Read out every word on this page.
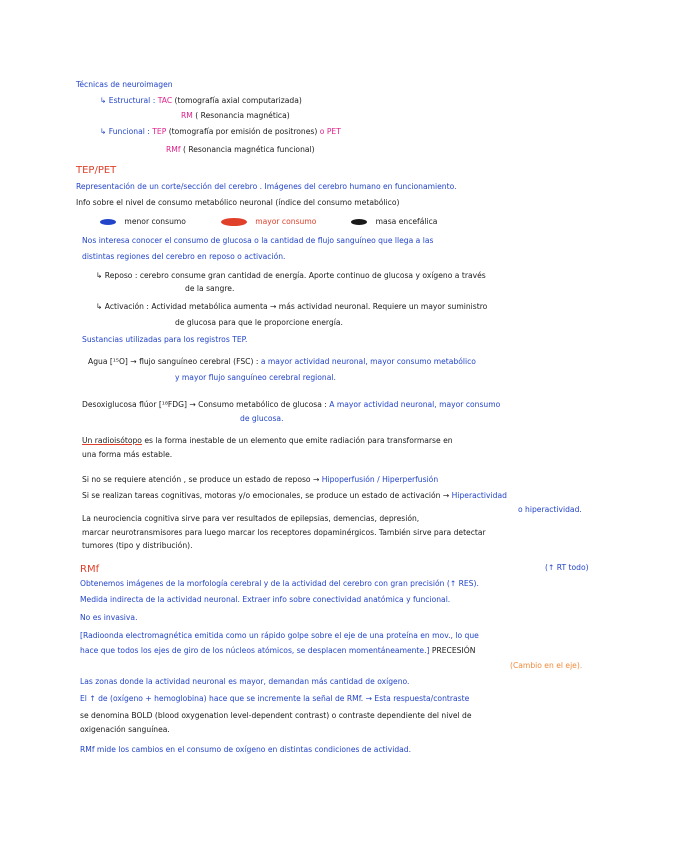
Técnicas de neuroimagen
↳ Estructural : TAC (tomografía axial computarizada)
RM ( Resonancia magnética)
↳ Funcional : TEP (tomografía por emisión de positrones) o PET
RMf ( Resonancia magnética funcional)
TEP/PET
Representación de un corte/sección del cerebro . Imágenes del cerebro humano en funcionamiento.
Info sobre el nivel de consumo metabólico neuronal (índice del consumo metabólico)
menor consumo	mayor consumo	masa encefálica
Nos interesa conocer el consumo de glucosa o la cantidad de flujo sanguíneo que llega a las
distintas regiones del cerebro en reposo o activación.
↳ Reposo : cerebro consume gran cantidad de energía. Aporte continuo de glucosa y oxígeno a través
de la sangre.
↳ Activación : Actividad metabólica aumenta → más actividad neuronal. Requiere un mayor suministro
de glucosa para que le proporcione energía.
Sustancias utilizadas para los registros TEP.
Agua [¹⁵O] → flujo sanguíneo cerebral (FSC) : a mayor actividad neuronal, mayor consumo metabólico
y mayor flujo sanguíneo cerebral regional.
Desoxiglucosa flúor [¹⁸FDG] → Consumo metabólico de glucosa : A mayor actividad neuronal, mayor consumo
de glucosa.
Un radioisótopo es la forma inestable de un elemento que emite radiación para transformarse en
una forma más estable.
Si no se requiere atención , se produce un estado de reposo → Hipoperfusión / Hiperperfusión
Si se realizan tareas cognitivas, motoras y/o emocionales, se produce un estado de activación → Hiperactividad
o hiperactividad.
La neurociencia cognitiva sirve para ver resultados de epilepsias, demencias, depresión,
marcar neurotransmisores para luego marcar los receptores dopaminérgicos. También sirve para detectar
tumores (tipo y distribución).
RMf	(↑ RT todo)
Obtenemos imágenes de la morfología cerebral y de la actividad del cerebro con gran precisión (↑ RES).
Medida indirecta de la actividad neuronal. Extraer info sobre conectividad anatómica y funcional.
No es invasiva.
[Radioonda electromagnética emitida como un rápido golpe sobre el eje de una proteína en mov., lo que
hace que todos los ejes de giro de los núcleos atómicos, se desplacen momentáneamente.] PRECESIÓN
(Cambio en el eje).
Las zonas donde la actividad neuronal es mayor, demandan más cantidad de oxígeno.
El ↑ de (oxígeno + hemoglobina) hace que se incremente la señal de RMf. → Esta respuesta/contraste
se denomina BOLD (blood oxygenation level-dependent contrast) o contraste dependiente del nivel de
oxigenación sanguínea.
RMf mide los cambios en el consumo de oxígeno en distintas condiciones de actividad.
